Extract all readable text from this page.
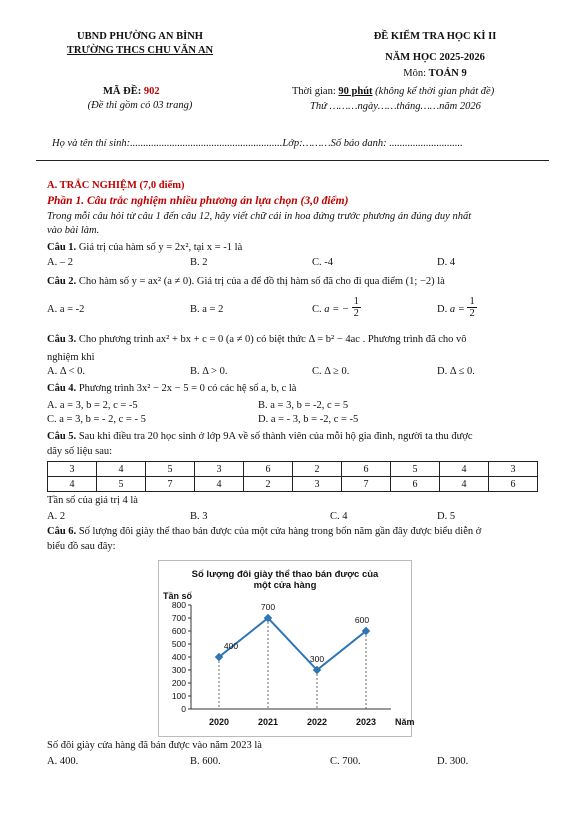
UBND PHƯỜNG AN BÌNH
TRƯỜNG THCS CHU VĂN AN
MÃ ĐỀ: 902
(Đề thi gồm có 03 trang)
ĐỀ KIỂM TRA HỌC KÌ II
NĂM HỌC 2025-2026
Môn: TOÁN 9
Thời gian: 90 phút (không kể thời gian phát đề)
Thứ ………ngày……tháng……năm 2026
Họ và tên thí sinh:..........................................................Lớp:………Số báo danh: ............................
A. TRẮC NGHIỆM (7,0 điểm)
Phần 1. Câu trắc nghiệm nhiều phương án lựa chọn (3,0 điểm)
Trong mỗi câu hỏi từ câu 1 đến câu 12, hãy viết chữ cái in hoa đứng trước phương án đúng duy nhất
vào bài làm.
Câu 1. Giá trị của hàm số y = 2x², tại x = -1 là
A. – 2	B. 2	C. -4	D. 4
Câu 2. Cho hàm số y = ax² (a ≠ 0). Giá trị của a để đồ thị hàm số đã cho đi qua điểm (1; −2) là
A. a = -2	B. a = 2	C. a = − $\frac{1}{2}$	D. $a = \frac{1}{2}$
Câu 3. Cho phương trình ax² + bx + c = 0 (a ≠ 0) có biệt thức Δ = b² − 4ac . Phương trình đã cho vô
nghiệm khi
A. Δ < 0.	B. Δ > 0.	C. Δ ≥ 0.	D. Δ ≤ 0.
Câu 4. Phương trình 3x² − 2x − 5 = 0 có các hệ số a, b, c là
A. a = 3, b = 2, c = -5	B. a = 3, b = -2, c = 5
C. a = 3, b = - 2, c = - 5	D. a = - 3, b = -2, c = -5
Câu 5. Sau khi điều tra 20 học sinh ở lớp 9A về số thành viên của mỗi hộ gia đình, người ta thu được
dãy số liệu sau:
3	4	5	3	6	2	6	5	4	3
4	5	7	4	2	3	7	6	4	6
Tần số của giá trị 4 là
A. 2	B. 3	C. 4	D. 5
Câu 6. Số lượng đôi giày thể thao bán được của một cửa hàng trong bốn năm gần đây được biểu diễn ở
biểu đồ sau đây:
Số lượng đôi giày thể thao bán được của
một cửa hàng
0
100
200
300
400
500
600
700
800
Tần số
Năm
2020	2021	2022	2023
400
700
300
600
Số đôi giày cửa hàng đã bán được vào năm 2023 là
A. 400.	B. 600.	C. 700.	D. 300.
